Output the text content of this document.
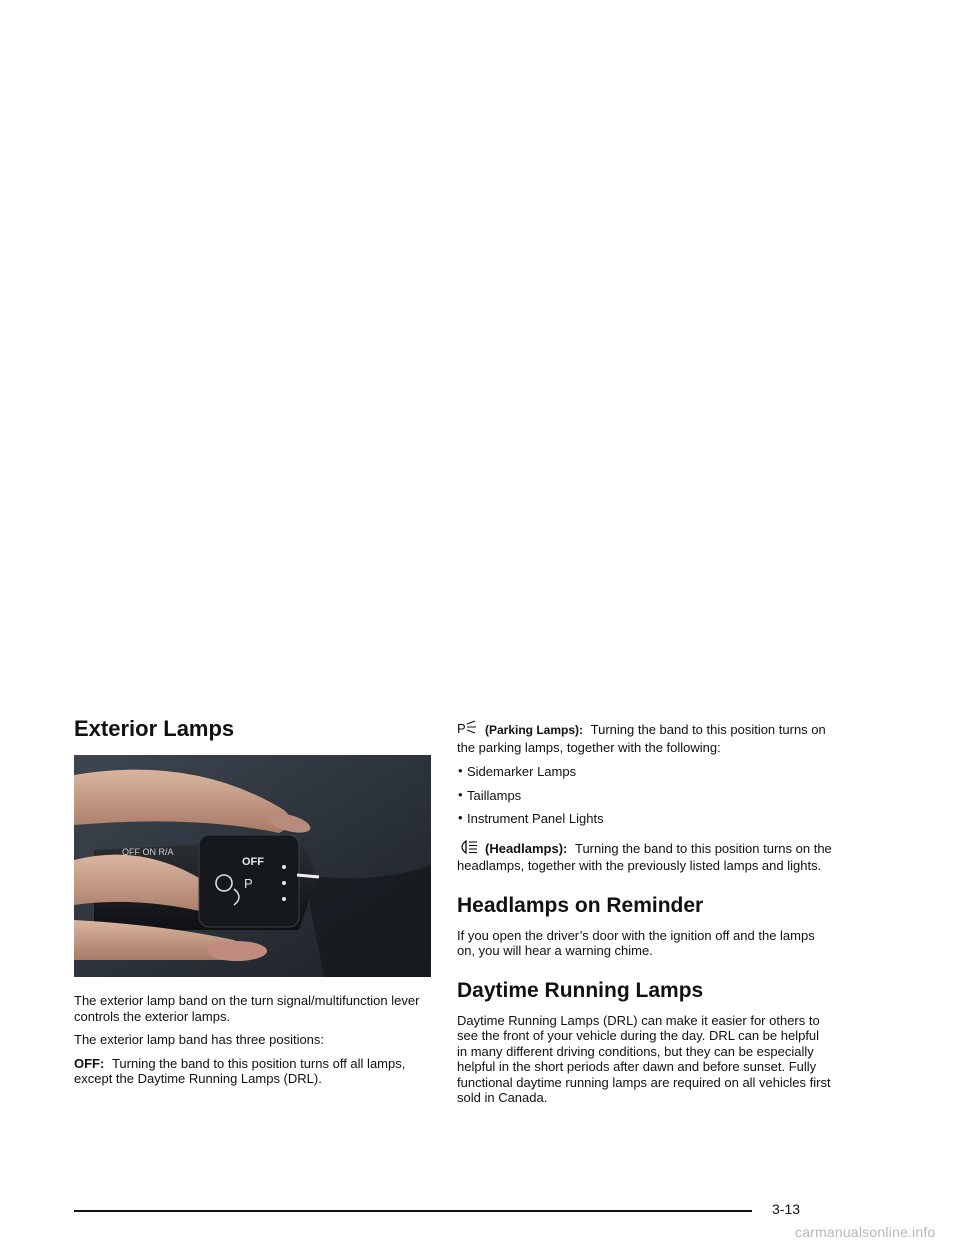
Exterior Lamps
OFF ON R/A
OFF
P

The exterior lamp band on the turn signal/multifunction lever controls the exterior lamps.

The exterior lamp band has three positions:

OFF: Turning the band to this position turns off all lamps, except the Daytime Running Lamps (DRL).

P (Parking Lamps): Turning the band to this position turns on the parking lamps, together with the following:

• Sidemarker Lamps
• Taillamps
• Instrument Panel Lights

(Headlamps): Turning the band to this position turns on the headlamps, together with the previously listed lamps and lights.

Headlamps on Reminder

If you open the driver’s door with the ignition off and the lamps on, you will hear a warning chime.

Daytime Running Lamps

Daytime Running Lamps (DRL) can make it easier for others to see the front of your vehicle during the day. DRL can be helpful in many different driving conditions, but they can be especially helpful in the short periods after dawn and before sunset. Fully functional daytime running lamps are required on all vehicles first sold in Canada.

3-13
carmanualsonline.info
